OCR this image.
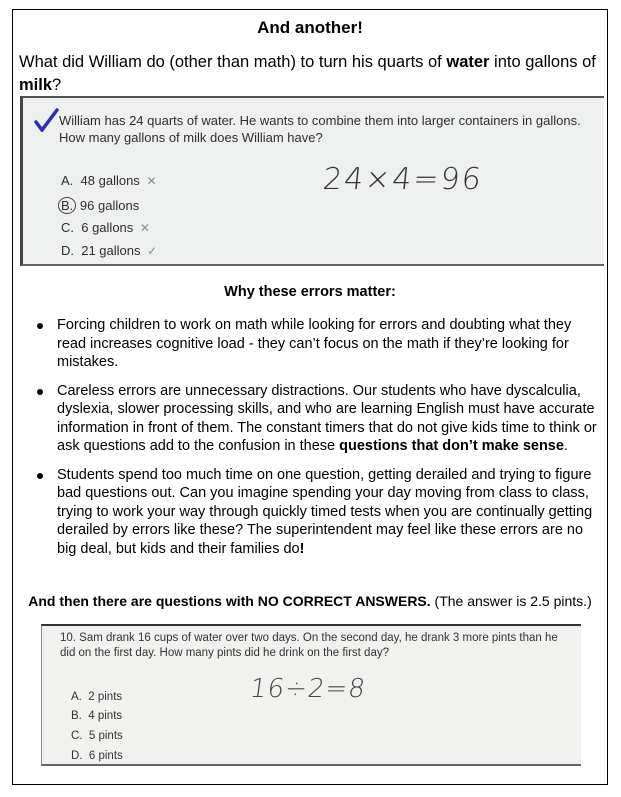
And another!
What did William do (other than math) to turn his quarts of water into gallons of milk?
William has 24 quarts of water. He wants to combine them into larger containers in gallons. How many gallons of milk does William have?
A. 48 gallons ✕
B. 96 gallons
C. 6 gallons ✕
D. 21 gallons ✓
24×4=96
Why these errors matter:
Forcing children to work on math while looking for errors and doubting what they read increases cognitive load - they can’t focus on the math if they’re looking for mistakes.
Careless errors are unnecessary distractions. Our students who have dyscalculia, dyslexia, slower processing skills, and who are learning English must have accurate information in front of them. The constant timers that do not give kids time to think or ask questions add to the confusion in these questions that don’t make sense.
Students spend too much time on one question, getting derailed and trying to figure bad questions out. Can you imagine spending your day moving from class to class, trying to work your way through quickly timed tests when you are continually getting derailed by errors like these? The superintendent may feel like these errors are no big deal, but kids and their families do!
And then there are questions with NO CORRECT ANSWERS. (The answer is 2.5 pints.)
10. Sam drank 16 cups of water over two days. On the second day, he drank 3 more pints than he did on the first day. How many pints did he drink on the first day?
A. 2 pints
B. 4 pints
C. 5 pints
D. 6 pints
16÷2=8
